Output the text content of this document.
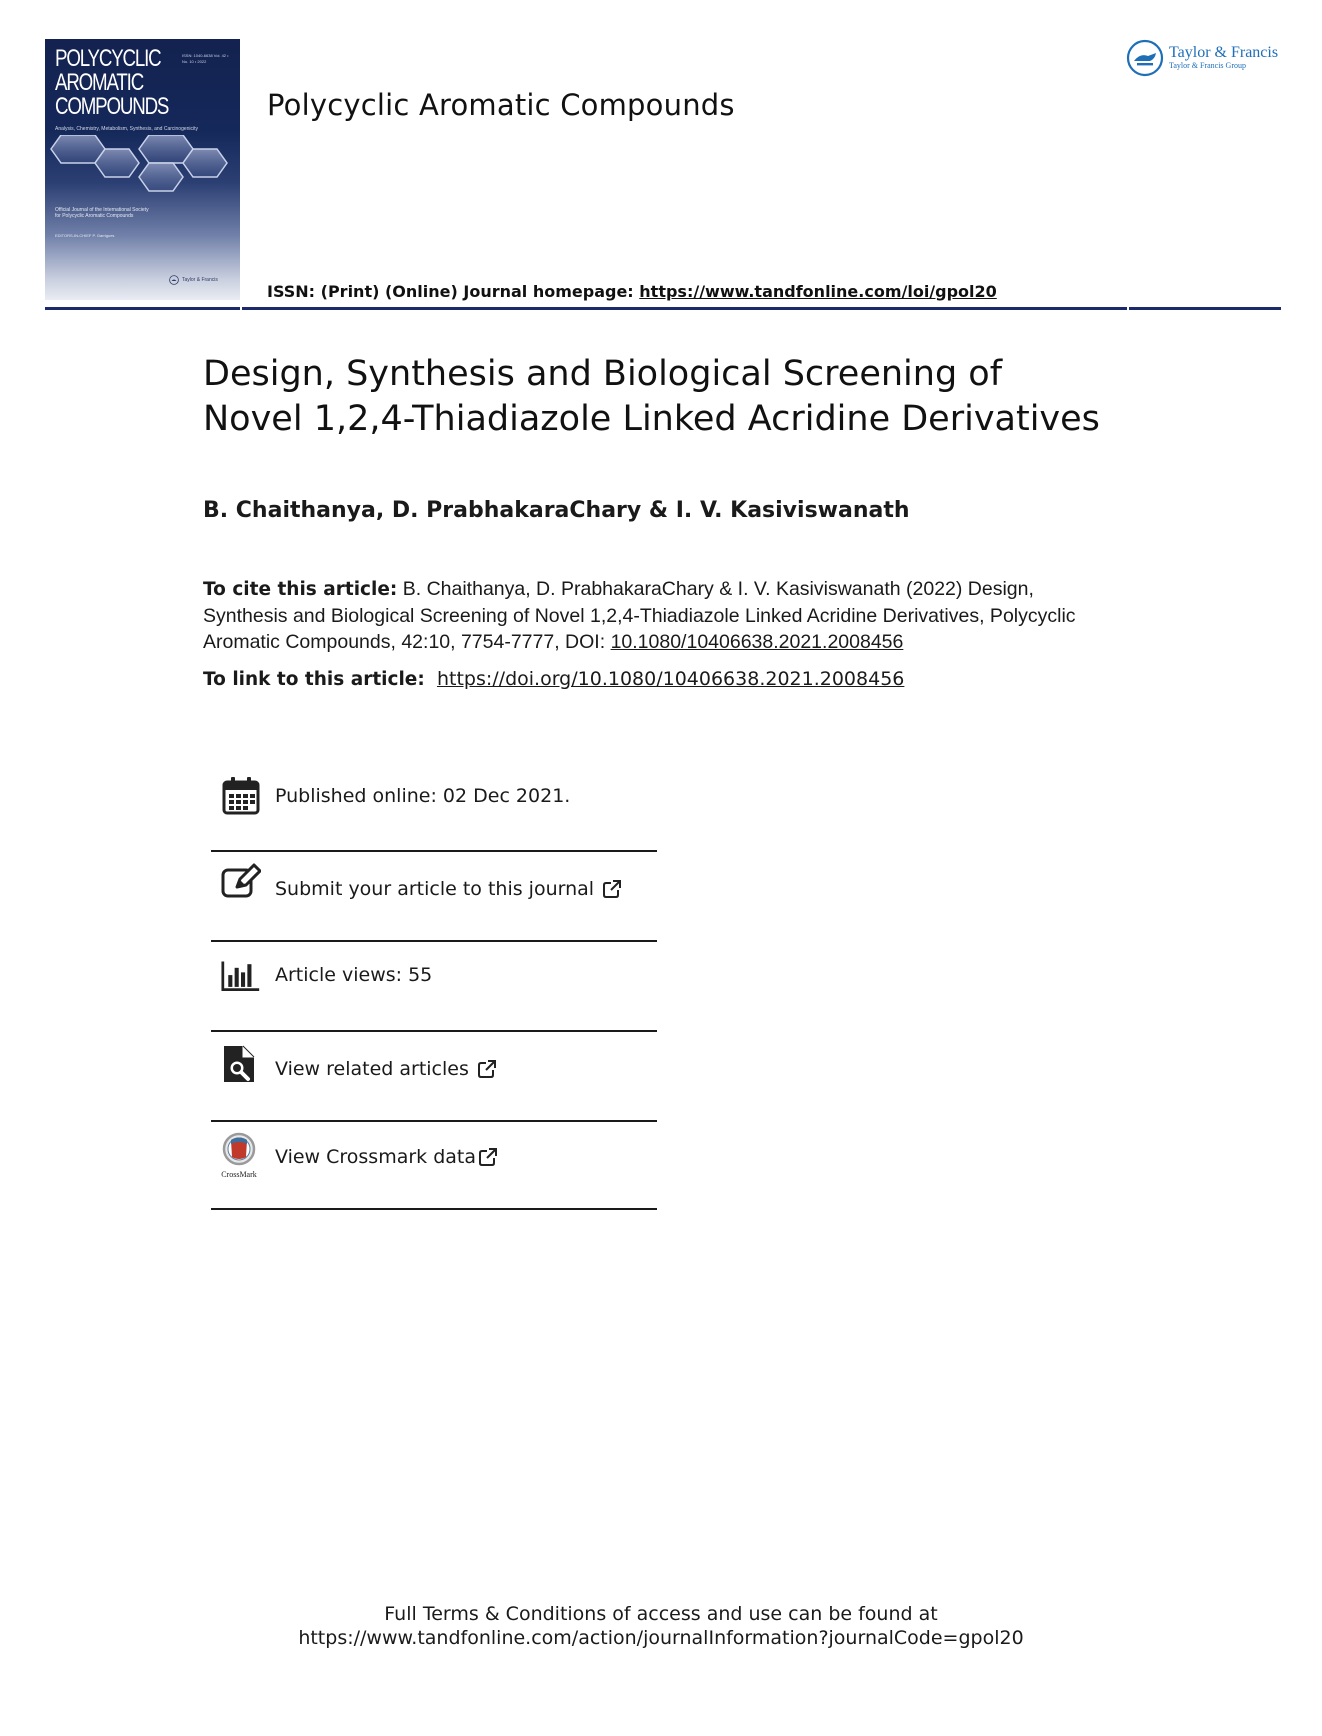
POLYCYCLIC
AROMATIC
COMPOUNDS
ISSN: 1040-6638 Vol. 42 • No. 10 • 2022
Analysis, Chemistry, Metabolism, Synthesis, and Carcinogenicity
Official Journal of the International Society for Polycyclic Aromatic Compounds
EDITORS-IN-CHIEF P. Garrigues
Taylor & Francis
Polycyclic Aromatic Compounds
Taylor & Francis
Taylor & Francis Group
ISSN: (Print) (Online) Journal homepage: https://www.tandfonline.com/loi/gpol20
Design, Synthesis and Biological Screening of
Novel 1,2,4-Thiadiazole Linked Acridine Derivatives
B. Chaithanya, D. PrabhakaraChary & I. V. Kasiviswanath
To cite this article: B. Chaithanya, D. PrabhakaraChary & I. V. Kasiviswanath (2022) Design, Synthesis and Biological Screening of Novel 1,2,4-Thiadiazole Linked Acridine Derivatives, Polycyclic Aromatic Compounds, 42:10, 7754-7777, DOI: 10.1080/10406638.2021.2008456
To link to this article: https://doi.org/10.1080/10406638.2021.2008456
Published online: 02 Dec 2021.
Submit your article to this journal
Article views: 55
View related articles
CrossMark
View Crossmark data
Full Terms & Conditions of access and use can be found at
https://www.tandfonline.com/action/journalInformation?journalCode=gpol20
